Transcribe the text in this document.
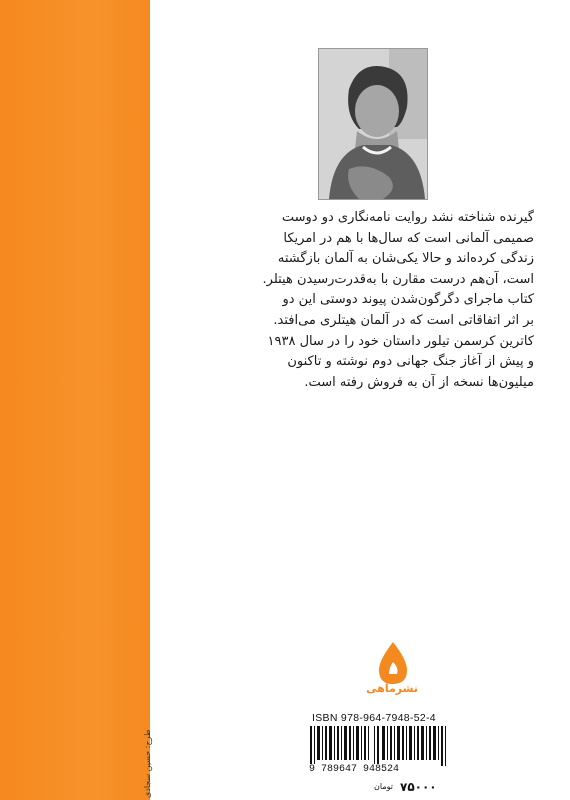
طرح: حسین سجادی

گیرنده شناخته نشد روایت نامه‌نگاری دو دوست

صمیمی آلمانی است که سال‌ها با هم در امریکا

زندگی کرده‌اند و حالا یکی‌شان به آلمان بازگشته

است، آن‌هم درست مقارن با به‌قدرت‌رسیدن هیتلر.

کتاب ماجرای دگرگون‌شدن پیوند دوستی این دو

بر اثر اتفاقاتی است که در آلمان هیتلری می‌افتد.

کاترین کرسمن تیلور داستان خود را در سال ۱۹۳۸

و پیش از آغاز جنگ جهانی دوم نوشته و تاکنون

میلیون‌ها نسخه از آن به فروش رفته است.

نشرماهی
ISBN 978-964-7948-52-4
9 789647 948524
۷۵۰۰۰
تومان
